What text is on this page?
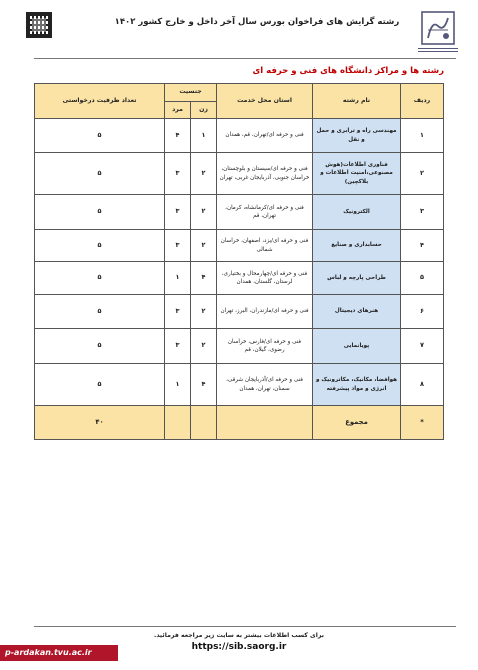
رشته گرایش های فراخوان بورس سال آخر داخل و خارج کشور ۱۴۰۲
رشته ها و مراکز دانشگاه های فنی و حرفه ای
ردیف	نام رشته	استان محل خدمت	جنسیت		تعداد ظرفیت درخواستی
			زن	مرد	
۱	مهندسی راه و ترابری و حمل و نقل	فنی و حرفه ای/تهران، قم، همدان	۱	۴	۵
۲	فناوری اطلاعات(هوش مصنوعی،امنیت اطلاعات و بلاکچین)	فنی و حرفه ای/سیستان و بلوچستان، خراسان جنوبی، آذربایجان غربی، تهران	۲	۳	۵
۳	الکترونیک	فنی و حرفه ای/کرمانشاه، کرمان، تهران، قم	۲	۳	۵
۴	حسابداری و صنایع	فنی و حرفه ای/یزد، اصفهان، خراسان شمالی	۲	۳	۵
۵	طراحی پارچه و لباس	فنی و حرفه ای/چهارمحال و بختیاری، لرستان، گلستان، همدان	۴	۱	۵
۶	هنرهای دیجیتال	فنی و حرفه ای/مازندران، البرز، تهران	۲	۳	۵
۷	پویانمایی	فنی و حرفه ای/فارس، خراسان رضوی، گیلان، قم	۲	۳	۵
۸	هوافضا، مکانیک، مکاترونیک و انرژی و مواد پیشرفته	فنی و حرفه ای/آذربایجان شرقی، سمنان، تهران، همدان	۴	۱	۵
*	مجموع				۴۰
برای کسب اطلاعات بیشتر به سایت زیر مراجعه فرمائید.
https://sib.saorg.ir
p-ardakan.tvu.ac.ir
